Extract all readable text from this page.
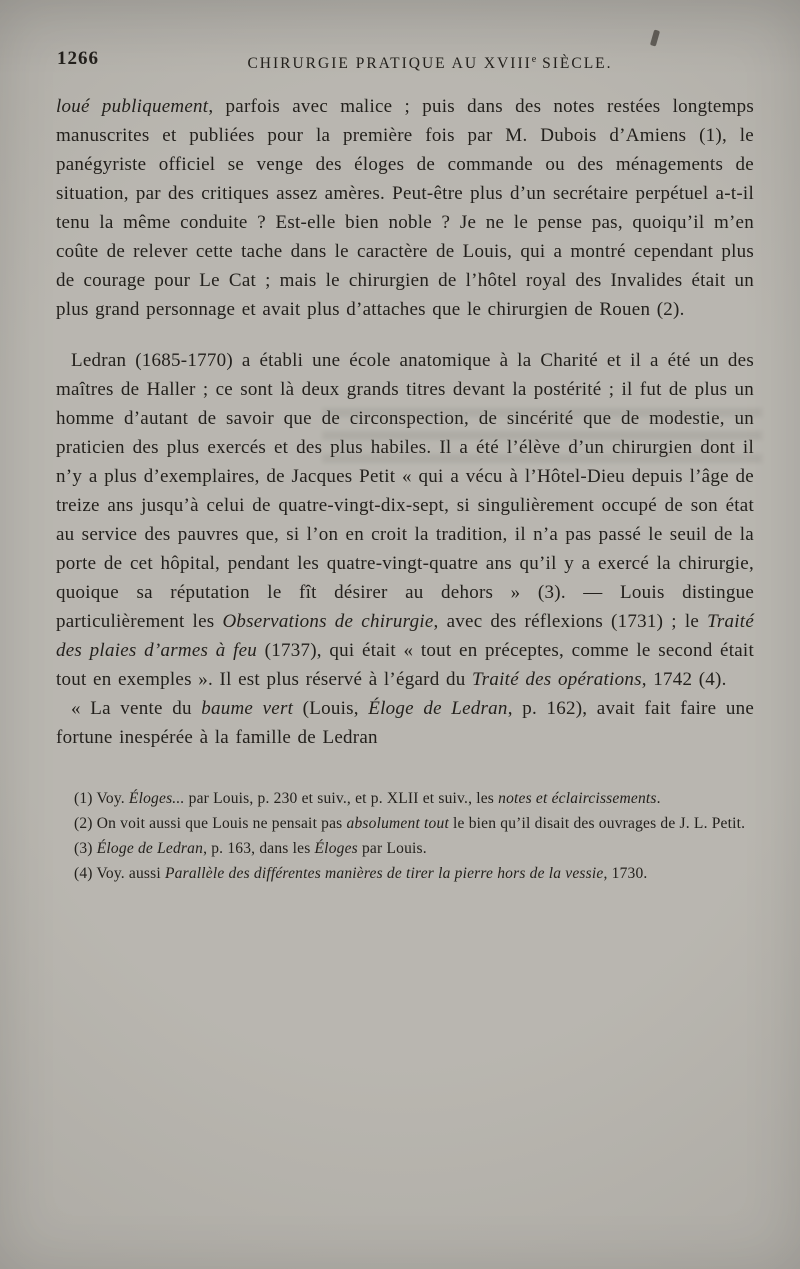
1266	CHIRURGIE PRATIQUE AU XVIIIe SIÈCLE.

loué publiquement, parfois avec malice ; puis dans des notes restées longtemps manuscrites et publiées pour la première fois par M. Dubois d’Amiens (1), le panégyriste officiel se venge des éloges de commande ou des ménagements de situation, par des critiques assez amères. Peut-être plus d’un secrétaire perpétuel a-t-il tenu la même conduite ? Est-elle bien noble ? Je ne le pense pas, quoiqu’il m’en coûte de relever cette tache dans le caractère de Louis, qui a montré cependant plus de courage pour Le Cat ; mais le chirurgien de l’hôtel royal des Invalides était un plus grand personnage et avait plus d’attaches que le chirurgien de Rouen (2).

Ledran (1685-1770) a établi une école anatomique à la Charité et il a été un des maîtres de Haller ; ce sont là deux grands titres devant la postérité ; il fut de plus un homme d’autant de savoir que de circonspection, de sincérité que de modestie, un praticien des plus exercés et des plus habiles. Il a été l’élève d’un chirurgien dont il n’y a plus d’exemplaires, de Jacques Petit « qui a vécu à l’Hôtel-Dieu depuis l’âge de treize ans jusqu’à celui de quatre-vingt-dix-sept, si singulièrement occupé de son état au service des pauvres que, si l’on en croit la tradition, il n’a pas passé le seuil de la porte de cet hôpital, pendant les quatre-vingt-quatre ans qu’il y a exercé la chirurgie, quoique sa réputation le fît désirer au dehors » (3). — Louis distingue particulièrement les Observations de chirurgie, avec des réflexions (1731) ; le Traité des plaies d’armes à feu (1737), qui était « tout en préceptes, comme le second était tout en exemples ». Il est plus réservé à l’égard du Traité des opérations, 1742 (4).

« La vente du baume vert (Louis, Éloge de Ledran, p. 162), avait fait faire une fortune inespérée à la famille de Ledran

(1) Voy. Éloges... par Louis, p. 230 et suiv., et p. XLII et suiv., les notes et éclaircissements.

(2) On voit aussi que Louis ne pensait pas absolument tout le bien qu’il disait des ouvrages de J. L. Petit.

(3) Éloge de Ledran, p. 163, dans les Éloges par Louis.

(4) Voy. aussi Parallèle des différentes manières de tirer la pierre hors de la vessie, 1730.
